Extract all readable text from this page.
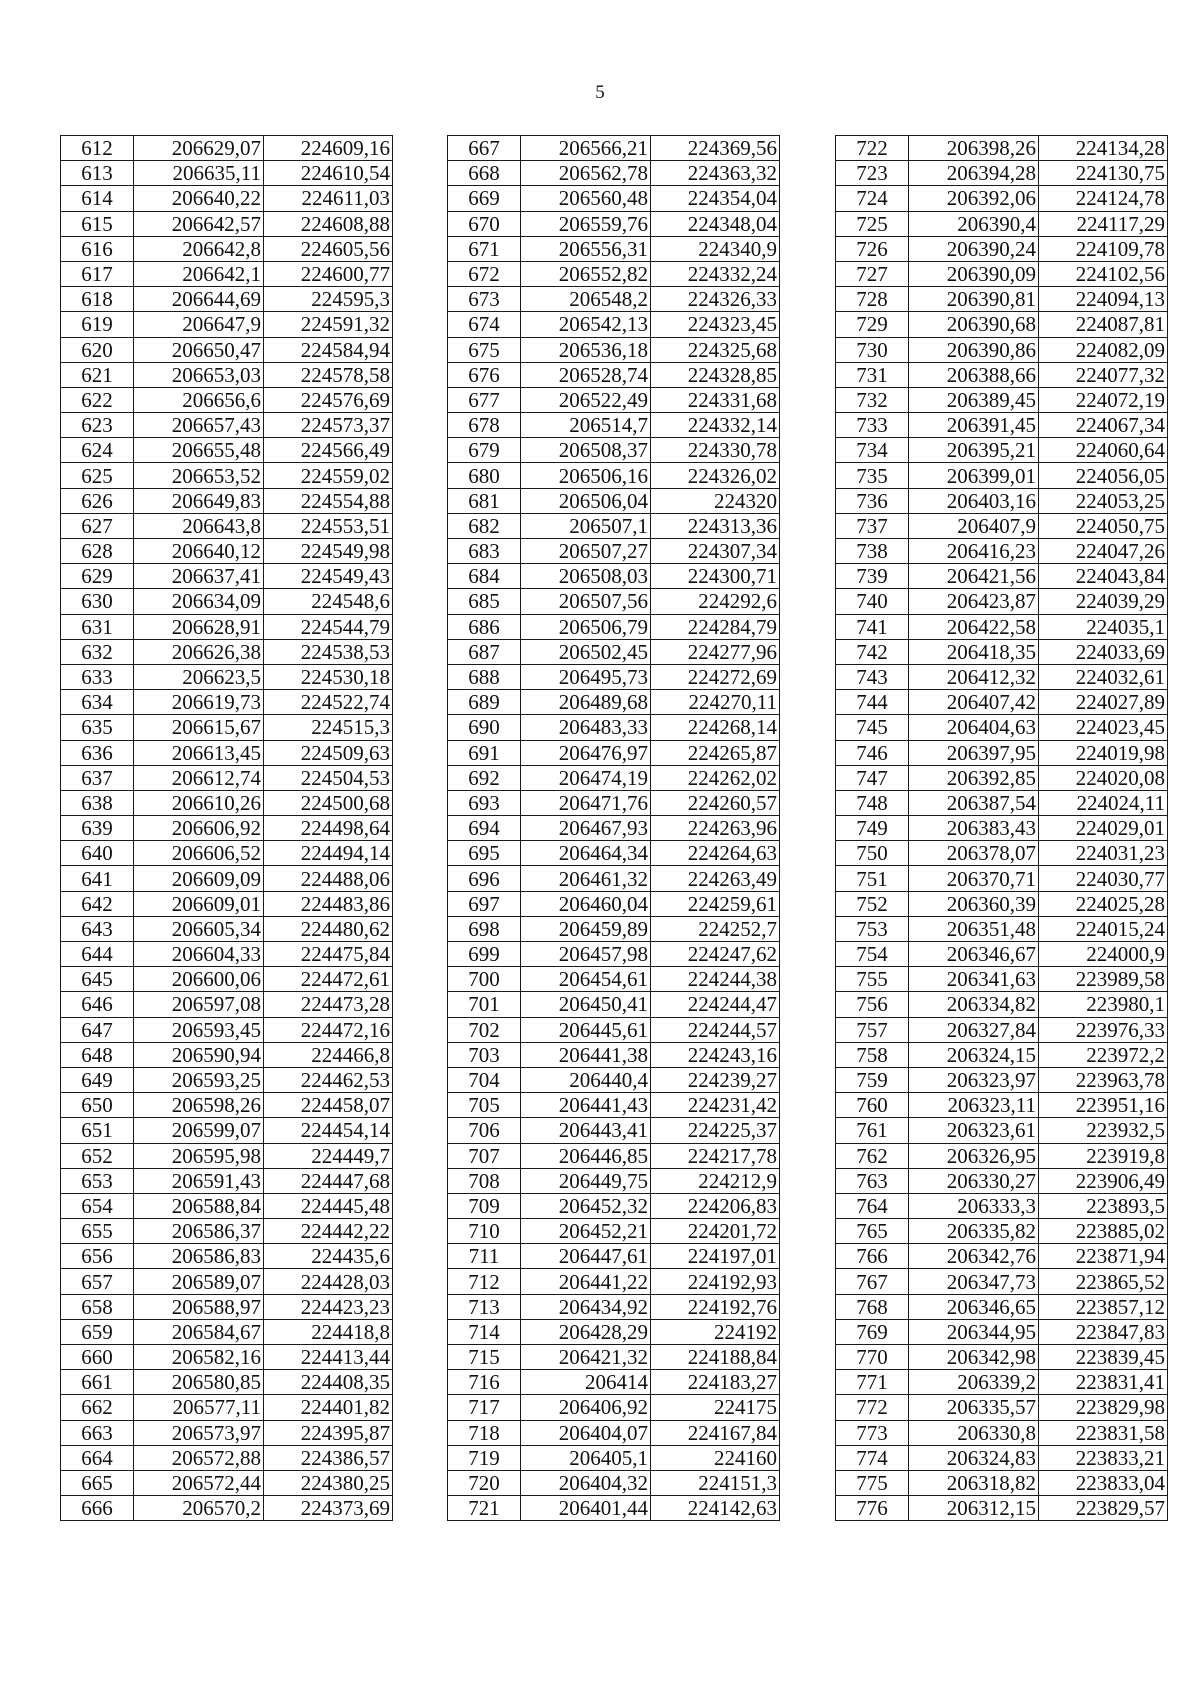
5
612	206629,07	224609,16
613	206635,11	224610,54
614	206640,22	224611,03
615	206642,57	224608,88
616	206642,8	224605,56
617	206642,1	224600,77
618	206644,69	224595,3
619	206647,9	224591,32
620	206650,47	224584,94
621	206653,03	224578,58
622	206656,6	224576,69
623	206657,43	224573,37
624	206655,48	224566,49
625	206653,52	224559,02
626	206649,83	224554,88
627	206643,8	224553,51
628	206640,12	224549,98
629	206637,41	224549,43
630	206634,09	224548,6
631	206628,91	224544,79
632	206626,38	224538,53
633	206623,5	224530,18
634	206619,73	224522,74
635	206615,67	224515,3
636	206613,45	224509,63
637	206612,74	224504,53
638	206610,26	224500,68
639	206606,92	224498,64
640	206606,52	224494,14
641	206609,09	224488,06
642	206609,01	224483,86
643	206605,34	224480,62
644	206604,33	224475,84
645	206600,06	224472,61
646	206597,08	224473,28
647	206593,45	224472,16
648	206590,94	224466,8
649	206593,25	224462,53
650	206598,26	224458,07
651	206599,07	224454,14
652	206595,98	224449,7
653	206591,43	224447,68
654	206588,84	224445,48
655	206586,37	224442,22
656	206586,83	224435,6
657	206589,07	224428,03
658	206588,97	224423,23
659	206584,67	224418,8
660	206582,16	224413,44
661	206580,85	224408,35
662	206577,11	224401,82
663	206573,97	224395,87
664	206572,88	224386,57
665	206572,44	224380,25
666	206570,2	224373,69
667	206566,21	224369,56
668	206562,78	224363,32
669	206560,48	224354,04
670	206559,76	224348,04
671	206556,31	224340,9
672	206552,82	224332,24
673	206548,2	224326,33
674	206542,13	224323,45
675	206536,18	224325,68
676	206528,74	224328,85
677	206522,49	224331,68
678	206514,7	224332,14
679	206508,37	224330,78
680	206506,16	224326,02
681	206506,04	224320
682	206507,1	224313,36
683	206507,27	224307,34
684	206508,03	224300,71
685	206507,56	224292,6
686	206506,79	224284,79
687	206502,45	224277,96
688	206495,73	224272,69
689	206489,68	224270,11
690	206483,33	224268,14
691	206476,97	224265,87
692	206474,19	224262,02
693	206471,76	224260,57
694	206467,93	224263,96
695	206464,34	224264,63
696	206461,32	224263,49
697	206460,04	224259,61
698	206459,89	224252,7
699	206457,98	224247,62
700	206454,61	224244,38
701	206450,41	224244,47
702	206445,61	224244,57
703	206441,38	224243,16
704	206440,4	224239,27
705	206441,43	224231,42
706	206443,41	224225,37
707	206446,85	224217,78
708	206449,75	224212,9
709	206452,32	224206,83
710	206452,21	224201,72
711	206447,61	224197,01
712	206441,22	224192,93
713	206434,92	224192,76
714	206428,29	224192
715	206421,32	224188,84
716	206414	224183,27
717	206406,92	224175
718	206404,07	224167,84
719	206405,1	224160
720	206404,32	224151,3
721	206401,44	224142,63
722	206398,26	224134,28
723	206394,28	224130,75
724	206392,06	224124,78
725	206390,4	224117,29
726	206390,24	224109,78
727	206390,09	224102,56
728	206390,81	224094,13
729	206390,68	224087,81
730	206390,86	224082,09
731	206388,66	224077,32
732	206389,45	224072,19
733	206391,45	224067,34
734	206395,21	224060,64
735	206399,01	224056,05
736	206403,16	224053,25
737	206407,9	224050,75
738	206416,23	224047,26
739	206421,56	224043,84
740	206423,87	224039,29
741	206422,58	224035,1
742	206418,35	224033,69
743	206412,32	224032,61
744	206407,42	224027,89
745	206404,63	224023,45
746	206397,95	224019,98
747	206392,85	224020,08
748	206387,54	224024,11
749	206383,43	224029,01
750	206378,07	224031,23
751	206370,71	224030,77
752	206360,39	224025,28
753	206351,48	224015,24
754	206346,67	224000,9
755	206341,63	223989,58
756	206334,82	223980,1
757	206327,84	223976,33
758	206324,15	223972,2
759	206323,97	223963,78
760	206323,11	223951,16
761	206323,61	223932,5
762	206326,95	223919,8
763	206330,27	223906,49
764	206333,3	223893,5
765	206335,82	223885,02
766	206342,76	223871,94
767	206347,73	223865,52
768	206346,65	223857,12
769	206344,95	223847,83
770	206342,98	223839,45
771	206339,2	223831,41
772	206335,57	223829,98
773	206330,8	223831,58
774	206324,83	223833,21
775	206318,82	223833,04
776	206312,15	223829,57
